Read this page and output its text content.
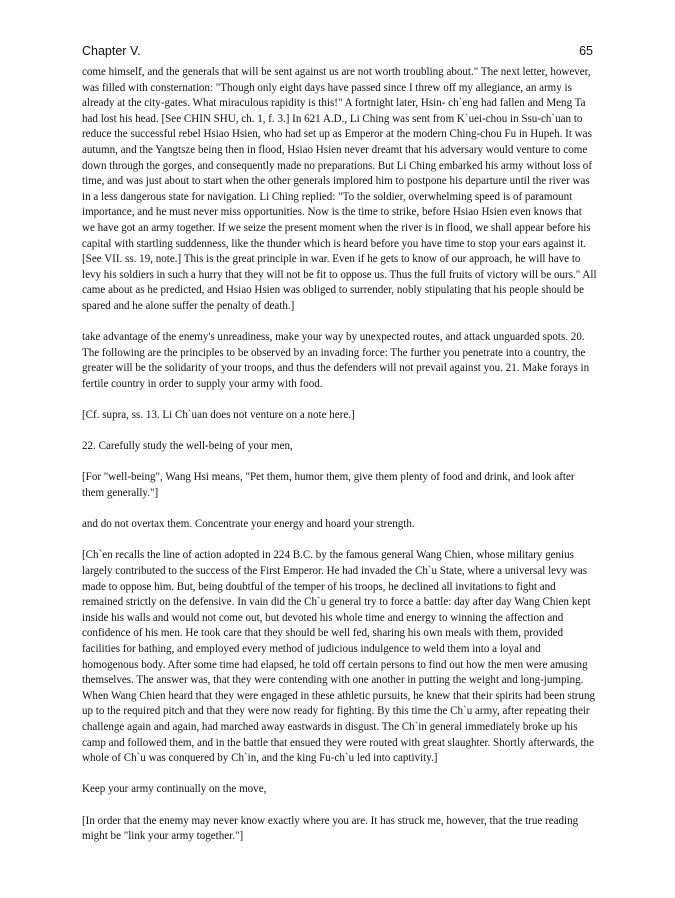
Chapter V.	65

come himself, and the generals that will be sent against us are not worth troubling about." The next letter, however, was filled with consternation: "Though only eight days have passed since I threw off my allegiance, an army is already at the city-gates. What miraculous rapidity is this!" A fortnight later, Hsin- ch`eng had fallen and Meng Ta had lost his head. [See CHIN SHU, ch. 1, f. 3.] In 621 A.D., Li Ching was sent from K`uei-chou in Ssu-ch`uan to reduce the successful rebel Hsiao Hsien, who had set up as Emperor at the modern Ching-chou Fu in Hupeh. It was autumn, and the Yangtsze being then in flood, Hsiao Hsien never dreamt that his adversary would venture to come down through the gorges, and consequently made no preparations. But Li Ching embarked his army without loss of time, and was just about to start when the other generals implored him to postpone his departure until the river was in a less dangerous state for navigation. Li Ching replied: "To the soldier, overwhelming speed is of paramount importance, and he must never miss opportunities. Now is the time to strike, before Hsiao Hsien even knows that we have got an army together. If we seize the present moment when the river is in flood, we shall appear before his capital with startling suddenness, like the thunder which is heard before you have time to stop your ears against it. [See VII. ss. 19, note.] This is the great principle in war. Even if he gets to know of our approach, he will have to levy his soldiers in such a hurry that they will not be fit to oppose us. Thus the full fruits of victory will be ours." All came about as he predicted, and Hsiao Hsien was obliged to surrender, nobly stipulating that his people should be spared and he alone suffer the penalty of death.]

take advantage of the enemy's unreadiness, make your way by unexpected routes, and attack unguarded spots. 20. The following are the principles to be observed by an invading force: The further you penetrate into a country, the greater will be the solidarity of your troops, and thus the defenders will not prevail against you. 21. Make forays in fertile country in order to supply your army with food.

[Cf. supra, ss. 13. Li Ch`uan does not venture on a note here.]

22. Carefully study the well-being of your men,

[For "well-being", Wang Hsi means, "Pet them, humor them, give them plenty of food and drink, and look after them generally."]

and do not overtax them. Concentrate your energy and hoard your strength.

[Ch`en recalls the line of action adopted in 224 B.C. by the famous general Wang Chien, whose military genius largely contributed to the success of the First Emperor. He had invaded the Ch`u State, where a universal levy was made to oppose him. But, being doubtful of the temper of his troops, he declined all invitations to fight and remained strictly on the defensive. In vain did the Ch`u general try to force a battle: day after day Wang Chien kept inside his walls and would not come out, but devoted his whole time and energy to winning the affection and confidence of his men. He took care that they should be well fed, sharing his own meals with them, provided facilities for bathing, and employed every method of judicious indulgence to weld them into a loyal and homogenous body. After some time had elapsed, he told off certain persons to find out how the men were amusing themselves. The answer was, that they were contending with one another in putting the weight and long-jumping. When Wang Chien heard that they were engaged in these athletic pursuits, he knew that their spirits had been strung up to the required pitch and that they were now ready for fighting. By this time the Ch`u army, after repeating their challenge again and again, had marched away eastwards in disgust. The Ch`in general immediately broke up his camp and followed them, and in the battle that ensued they were routed with great slaughter. Shortly afterwards, the whole of Ch`u was conquered by Ch`in, and the king Fu-ch`u led into captivity.]

Keep your army continually on the move,

[In order that the enemy may never know exactly where you are. It has struck me, however, that the true reading might be "link your army together."]
